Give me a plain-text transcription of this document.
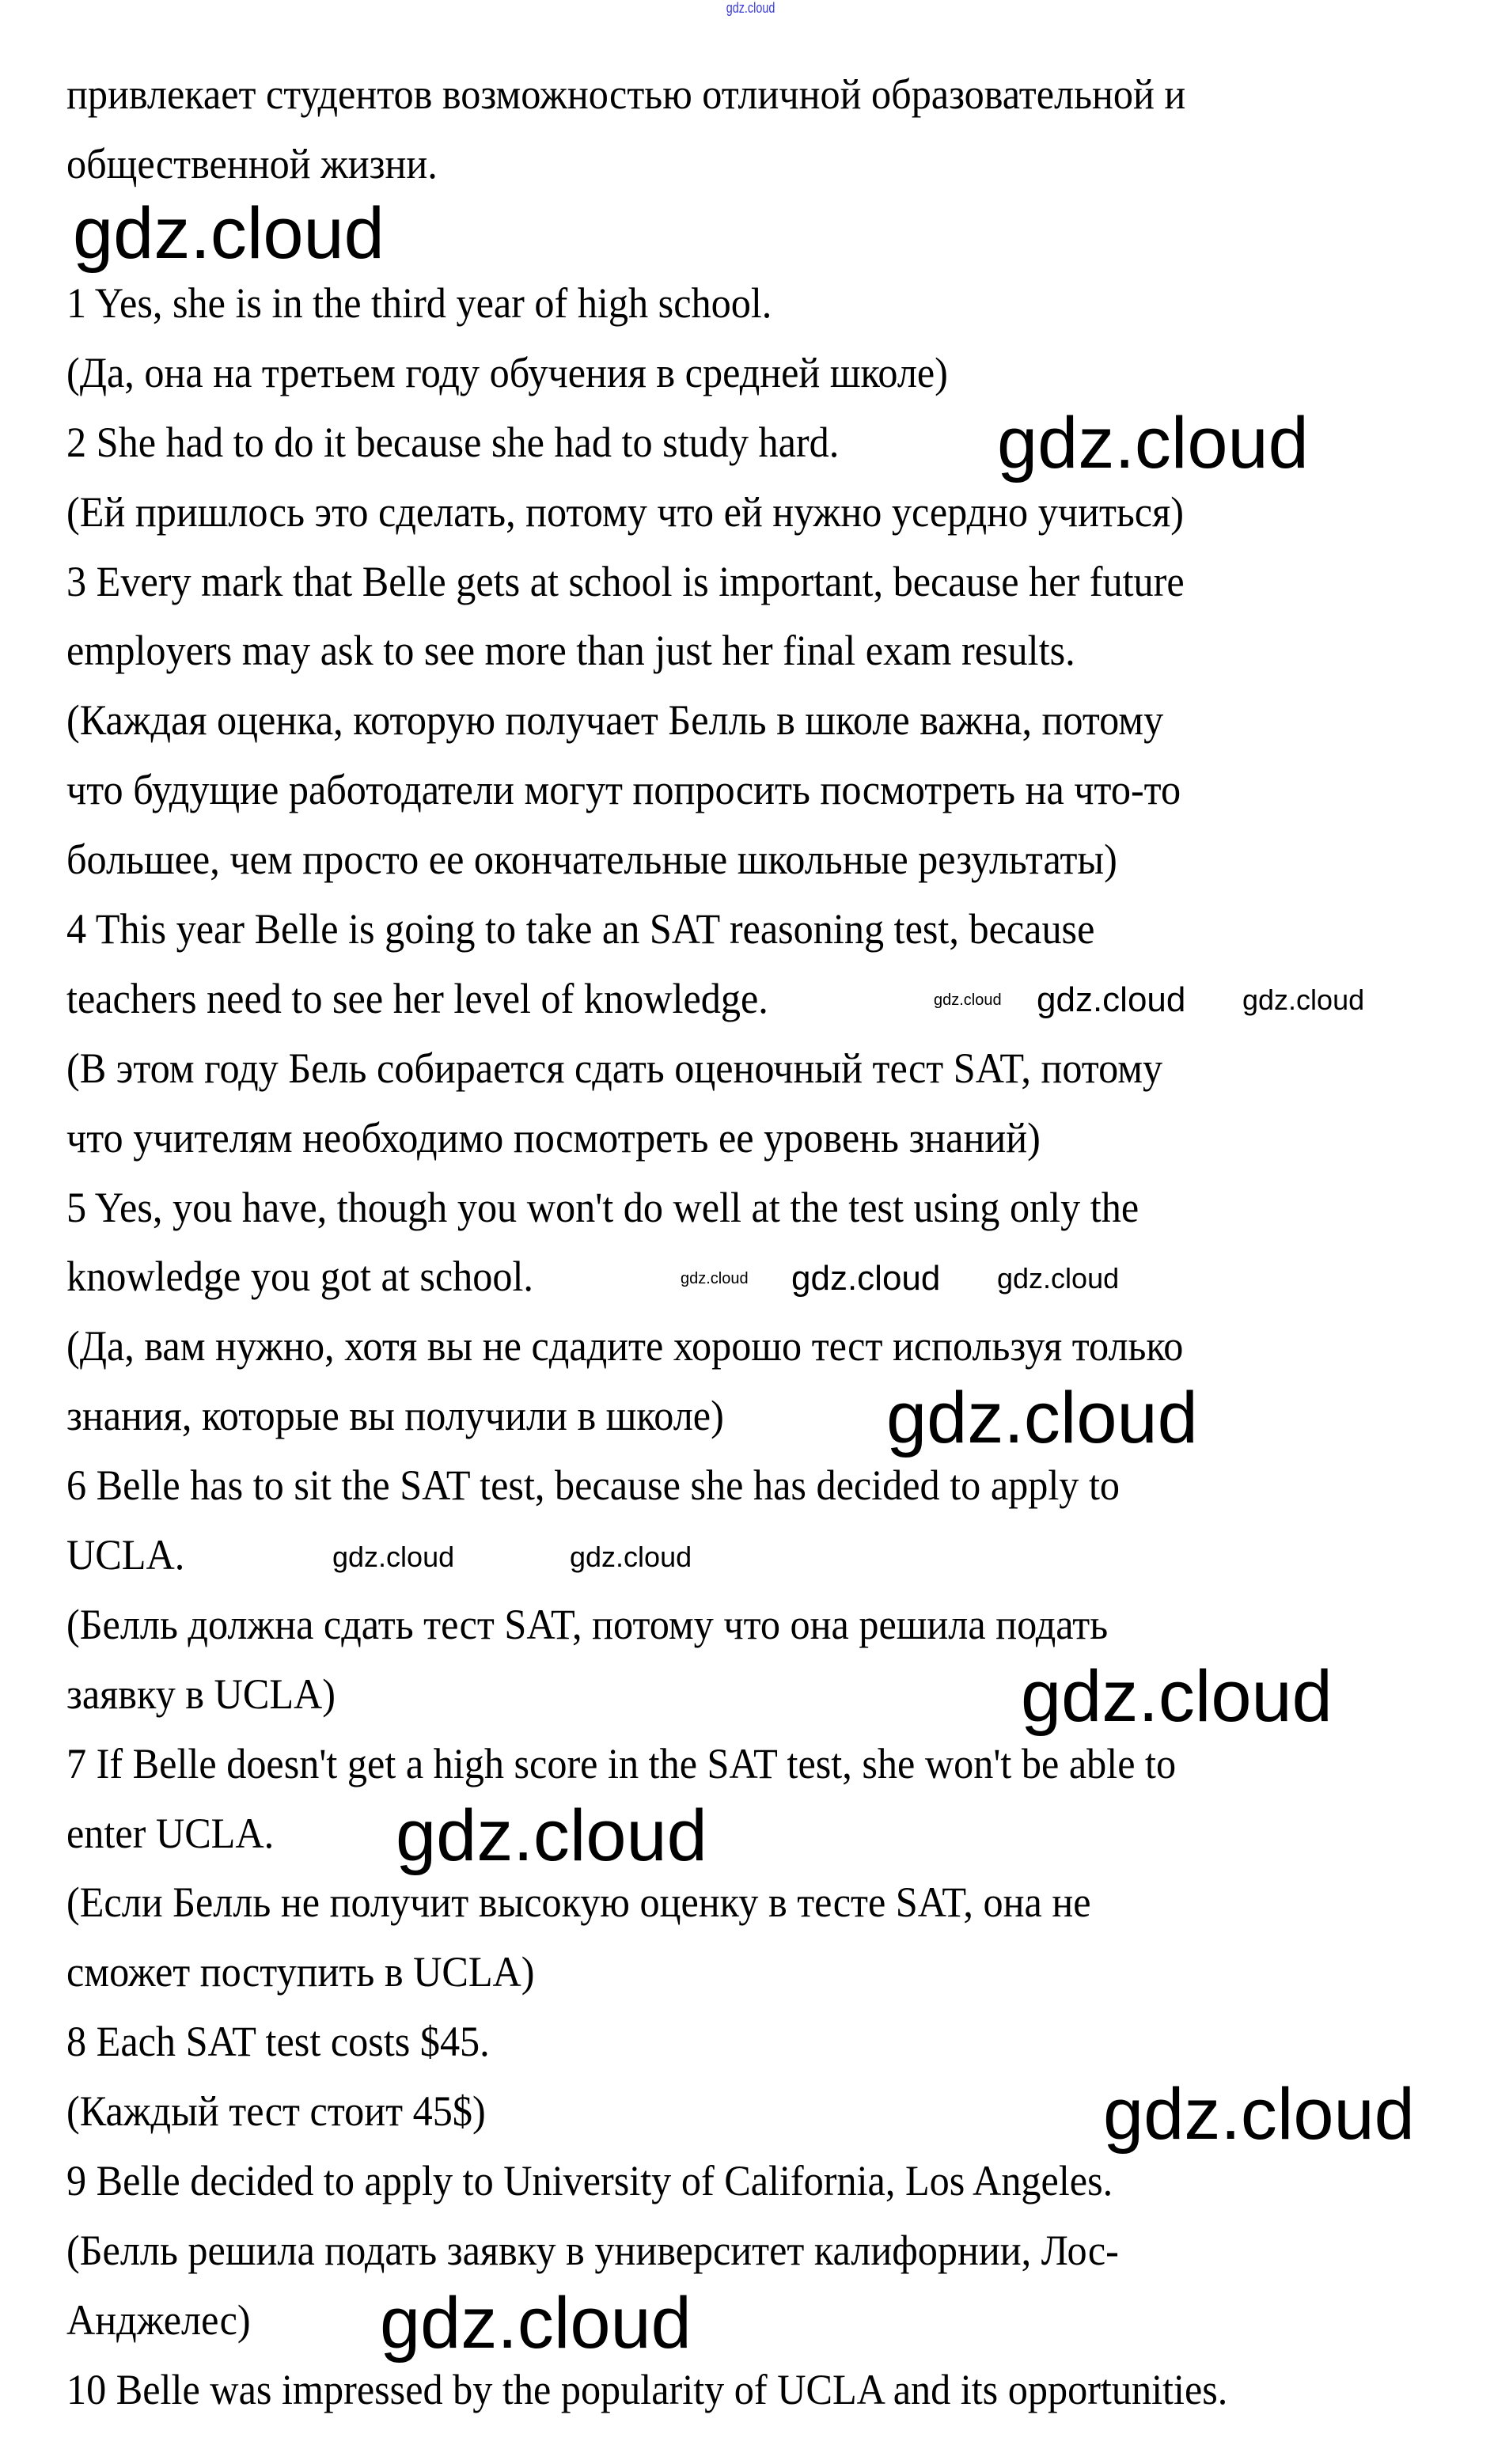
gdz.cloud
привлекает студентов возможностью отличной образовательной и
общественной жизни.
1 Yes, she is in the third year of high school.
(Да, она на третьем году обучения в средней школе)
2 She had to do it because she had to study hard.
(Ей пришлось это сделать, потому что ей нужно усердно учиться)
3 Every mark that Belle gets at school is important, because her future
employers may ask to see more than just her final exam results.
(Каждая оценка, которую получает Белль в школе важна, потому
что будущие работодатели могут попросить посмотреть на что-то
большее, чем просто ее окончательные школьные результаты)
4 This year Belle is going to take an SAT reasoning test, because
teachers need to see her level of knowledge.
(В этом году Бель собирается сдать оценочный тест SAT, потому
что учителям необходимо посмотреть ее уровень знаний)
5 Yes, you have, though you won't do well at the test using only the
knowledge you got at school.
(Да, вам нужно, хотя вы не сдадите хорошо тест используя только
знания, которые вы получили в школе)
6 Belle has to sit the SAT test, because she has decided to apply to
UCLA.
(Белль должна сдать тест SAT, потому что она решила подать
заявку в UCLA)
7 If Belle doesn't get a high score in the SAT test, she won't be able to
enter UCLA.
(Если Белль не получит высокую оценку в тесте SAT, она не
сможет поступить в UCLA)
8 Each SAT test costs $45.
(Каждый тест стоит 45$)
9 Belle decided to apply to University of California, Los Angeles.
(Белль решила подать заявку в университет калифорнии, Лос-
Анджелес)
10 Belle was impressed by the popularity of UCLA and its opportunities.
gdz.cloud
gdz.cloud
gdz.cloud gdz.cloud
gdz.cloud
gdz.cloud
gdz.cloud gdz.cloud
gdz.cloud
gdz.cloud	gdz.cloud
gdz.cloud
gdz.cloud
gdz.cloud
gdz.cloud
